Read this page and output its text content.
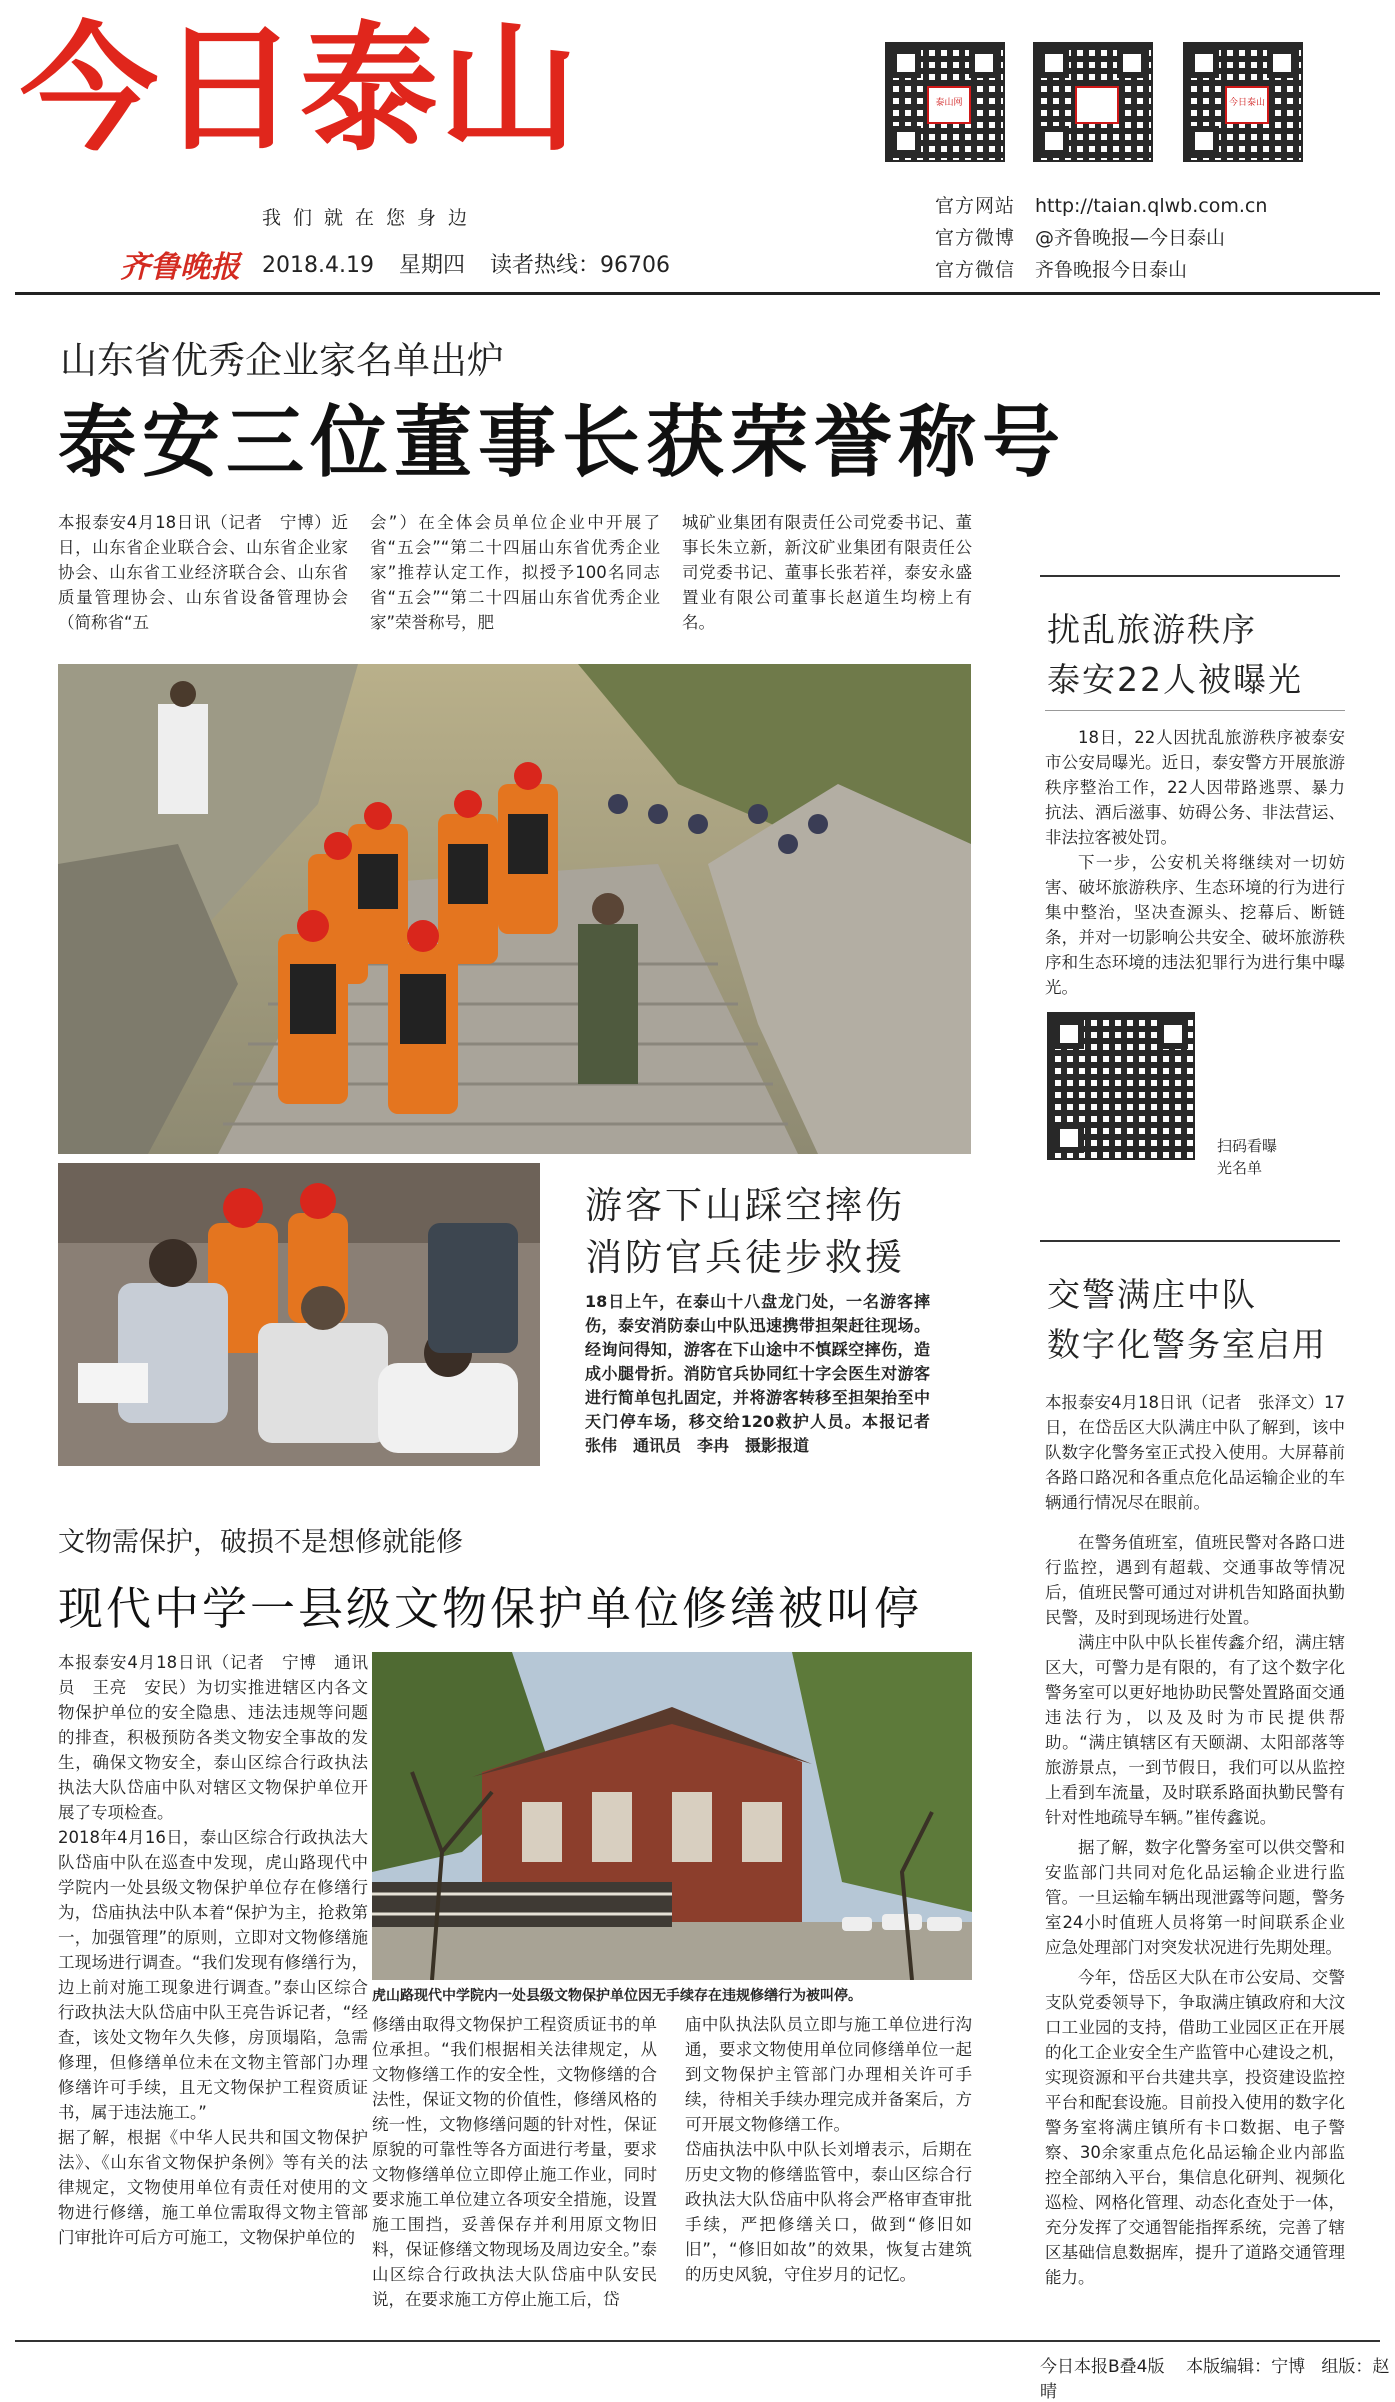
今日泰山
我们就在您身边
齐鲁晚报 2018.4.19 星期四 读者热线：96706
泰山网	今日泰山
官方网站 http://taian.qlwb.com.cn
官方微博 @齐鲁晚报—今日泰山
官方微信 齐鲁晚报今日泰山
山东省优秀企业家名单出炉
泰安三位董事长获荣誉称号
本报泰安4月18日讯（记者　宁博）近日，山东省企业联合会、山东省企业家协会、山东省工业经济联合会、山东省质量管理协会、山东省设备管理协会（简称省“五
会”）在全体会员单位企业中开展了省“五会”“第二十四届山东省优秀企业家”推荐认定工作，拟授予100名同志省“五会”“第二十四届山东省优秀企业家”荣誉称号，肥
城矿业集团有限责任公司党委书记、董事长朱立新，新汶矿业集团有限责任公司党委书记、董事长张若祥，泰安永盛置业有限公司董事长赵道生均榜上有名。
游客下山踩空摔伤
消防官兵徒步救援
18日上午，在泰山十八盘龙门处，一名游客摔伤，泰安消防泰山中队迅速携带担架赶往现场。经询问得知，游客在下山途中不慎踩空摔伤，造成小腿骨折。消防官兵协同红十字会医生对游客进行简单包扎固定，并将游客转移至担架抬至中天门停车场，移交给120救护人员。本报记者　张伟　通讯员　李冉　摄影报道
扰乱旅游秩序
泰安22人被曝光
18日，22人因扰乱旅游秩序被泰安市公安局曝光。近日，泰安警方开展旅游秩序整治工作，22人因带路逃票、暴力抗法、酒后滋事、妨碍公务、非法营运、非法拉客被处罚。
下一步，公安机关将继续对一切妨害、破坏旅游秩序、生态环境的行为进行集中整治，坚决查源头、挖幕后、断链条，并对一切影响公共安全、破坏旅游秩序和生态环境的违法犯罪行为进行集中曝光。
扫码看曝光名单
交警满庄中队
数字化警务室启用
本报泰安4月18日讯（记者　张泽文）17日，在岱岳区大队满庄中队了解到，该中队数字化警务室正式投入使用。大屏幕前各路口路况和各重点危化品运输企业的车辆通行情况尽在眼前。
在警务值班室，值班民警对各路口进行监控，遇到有超载、交通事故等情况后，值班民警可通过对讲机告知路面执勤民警，及时到现场进行处置。
满庄中队中队长崔传鑫介绍，满庄辖区大，可警力是有限的，有了这个数字化警务室可以更好地协助民警处置路面交通违法行为，以及及时为市民提供帮助。“满庄镇辖区有天颐湖、太阳部落等旅游景点，一到节假日，我们可以从监控上看到车流量，及时联系路面执勤民警有针对性地疏导车辆。”崔传鑫说。
据了解，数字化警务室可以供交警和安监部门共同对危化品运输企业进行监管。一旦运输车辆出现泄露等问题，警务室24小时值班人员将第一时间联系企业应急处理部门对突发状况进行先期处理。
今年，岱岳区大队在市公安局、交警支队党委领导下，争取满庄镇政府和大汶口工业园的支持，借助工业园区正在开展的化工企业安全生产监管中心建设之机，实现资源和平台共建共享，投资建设监控平台和配套设施。目前投入使用的数字化警务室将满庄镇所有卡口数据、电子警察、30余家重点危化品运输企业内部监控全部纳入平台，集信息化研判、视频化巡检、网格化管理、动态化查处于一体，充分发挥了交通智能指挥系统，完善了辖区基础信息数据库，提升了道路交通管理能力。
文物需保护，破损不是想修就能修
现代中学一县级文物保护单位修缮被叫停
本报泰安4月18日讯（记者　宁博　通讯员　王亮　安民）为切实推进辖区内各文物保护单位的安全隐患、违法违规等问题的排查，积极预防各类文物安全事故的发生，确保文物安全，泰山区综合行政执法执法大队岱庙中队对辖区文物保护单位开展了专项检查。
2018年4月16日，泰山区综合行政执法大队岱庙中队在巡查中发现，虎山路现代中学院内一处县级文物保护单位存在修缮行为，岱庙执法中队本着“保护为主，抢救第一，加强管理”的原则，立即对文物修缮施工现场进行调查。“我们发现有修缮行为，边上前对施工现象进行调查。”泰山区综合行政执法大队岱庙中队王亮告诉记者，“经查，该处文物年久失修，房顶塌陷，急需修理，但修缮单位未在文物主管部门办理修缮许可手续，且无文物保护工程资质证书，属于违法施工。”
据了解，根据《中华人民共和国文物保护法》、《山东省文物保护条例》等有关的法律规定，文物使用单位有责任对使用的文物进行修缮，施工单位需取得文物主管部门审批许可后方可施工，文物保护单位的
虎山路现代中学院内一处县级文物保护单位因无手续存在违规修缮行为被叫停。
修缮由取得文物保护工程资质证书的单位承担。“我们根据相关法律规定，从文物修缮工作的安全性，文物修缮的合法性，保证文物的价值性，修缮风格的统一性，文物修缮问题的针对性，保证原貌的可靠性等各方面进行考量，要求文物修缮单位立即停止施工作业，同时要求施工单位建立各项安全措施，设置施工围挡，妥善保存并利用原文物旧料，保证修缮文物现场及周边安全。”泰山区综合行政执法大队岱庙中队安民说，在要求施工方停止施工后，岱
庙中队执法队员立即与施工单位进行沟通，要求文物使用单位同修缮单位一起到文物保护主管部门办理相关许可手续，待相关手续办理完成并备案后，方可开展文物修缮工作。
岱庙执法中队中队长刘增表示，后期在历史文物的修缮监管中，泰山区综合行政执法大队岱庙中队将会严格审查审批手续，严把修缮关口，做到“修旧如旧”，“修旧如故”的效果，恢复古建筑的历史风貌，守住岁月的记忆。
今日本报B叠4版 本版编辑：宁博 组版：赵晴
